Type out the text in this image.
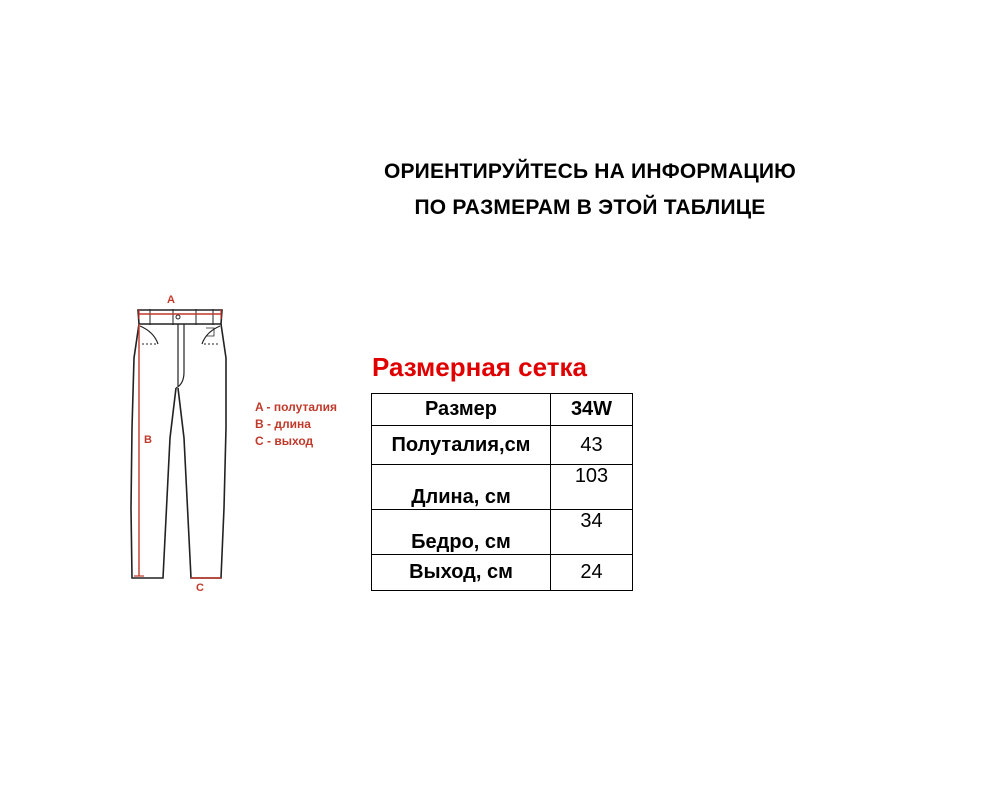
ОРИЕНТИРУЙТЕСЬ НА ИНФОРМАЦИЮ
ПО РАЗМЕРАМ В ЭТОЙ ТАБЛИЦЕ
A
B
C
A - полуталия
B - длина
C - выход
Размерная сетка
Размер	34W
Полуталия,см	43
Длина, см	103
Бедро, см	34
Выход, см	24
